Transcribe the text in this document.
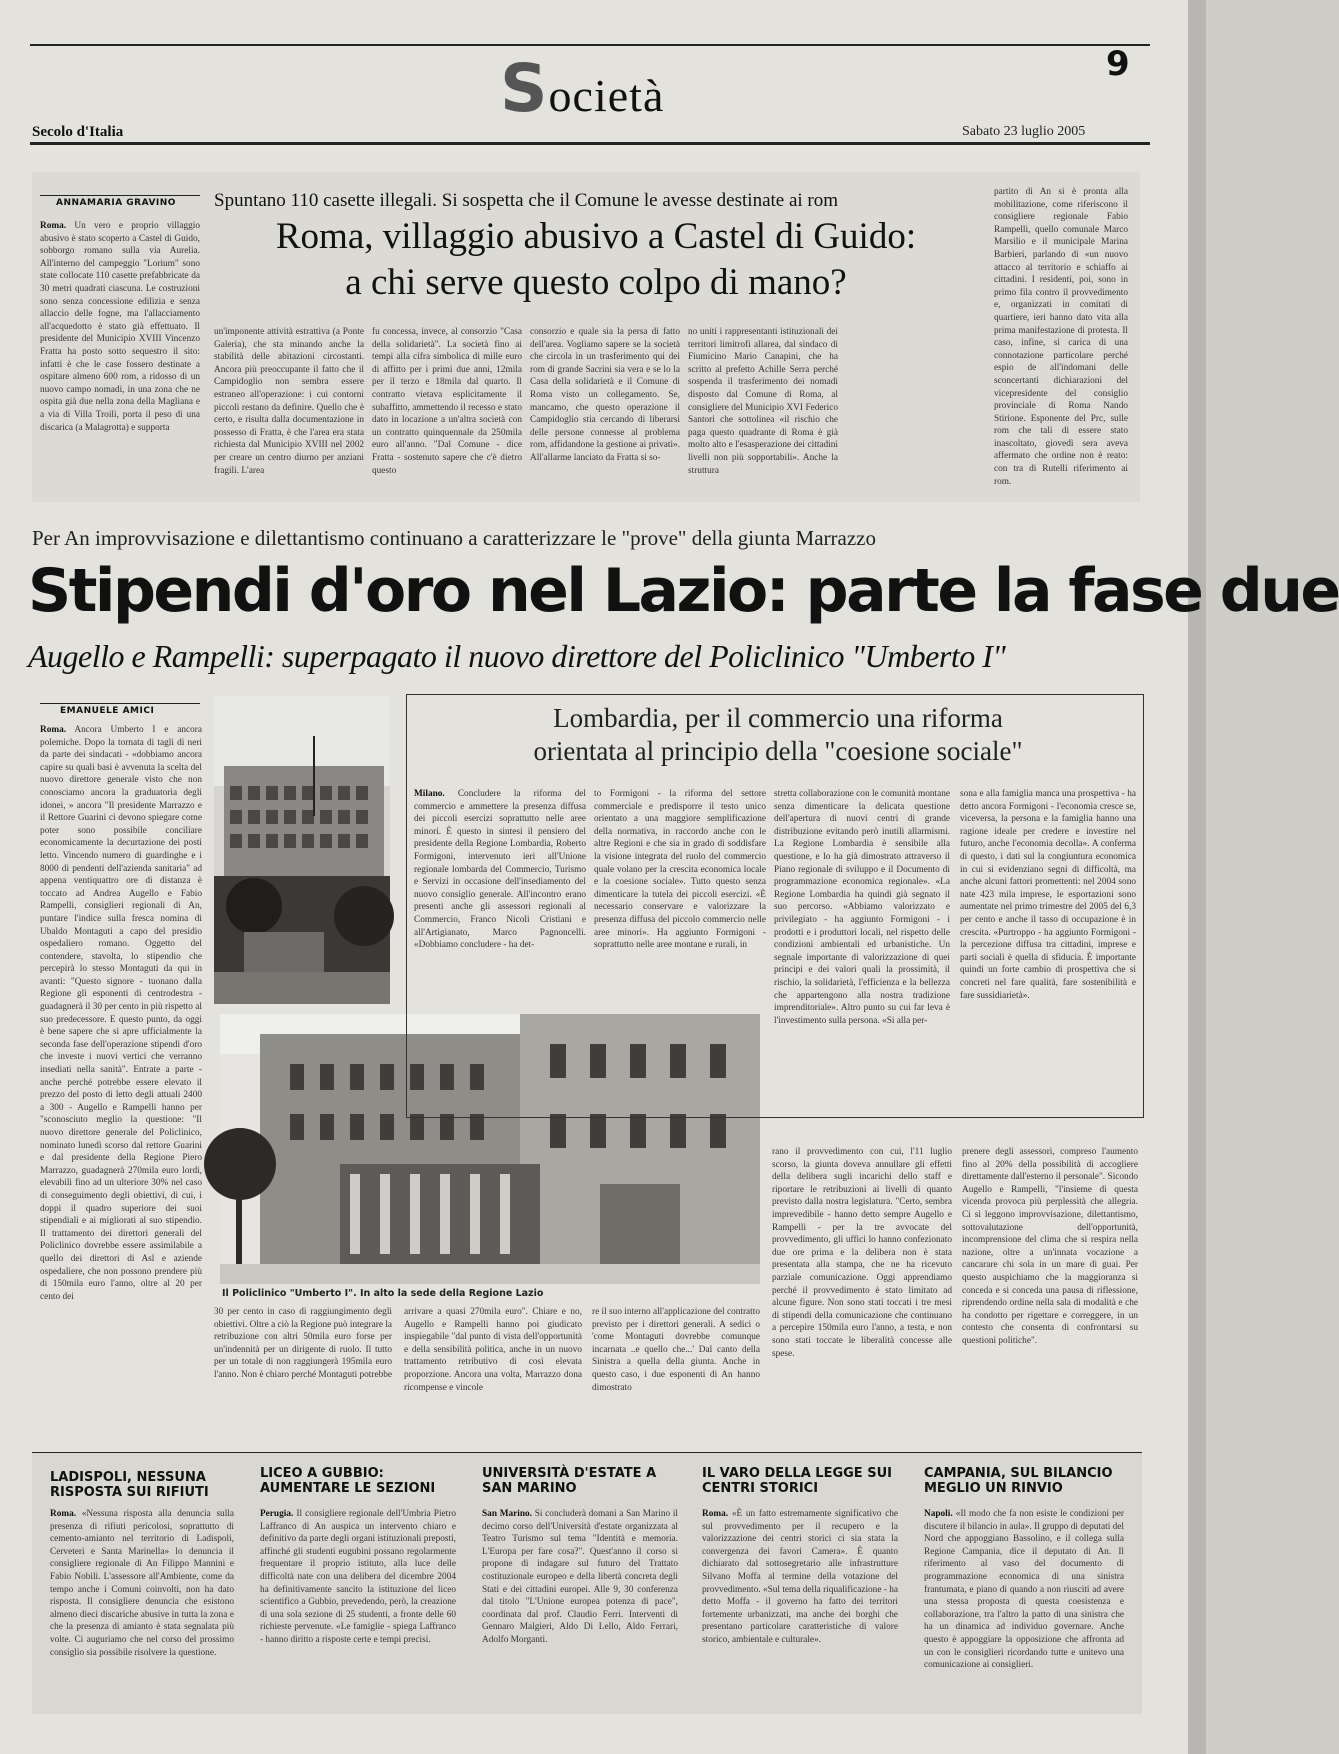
Società
9
Secolo d'Italia	Sabato 23 luglio 2005
ANNAMARIA GRAVINO Spuntano 110 casette illegali. Si sospetta che il Comune le avesse destinate ai rom
Roma, villaggio abusivo a Castel di Guido:
a chi serve questo colpo di mano?
Roma. Un vero e proprio villaggio abusivo è stato scoperto a Castel di Guido, sobborgo romano sulla via Aurelia. All'interno del campeggio "Lorium" sono state collocate 110 casette prefabbricate da 30 metri quadrati ciascuna. Le costruzioni sono senza concessione edilizia e senza allaccio delle fogne, ma l'allacciamento all'acquedotto è stato già effettuato. Il presidente del Municipio XVIII Vincenzo Fratta ha posto sotto sequestro il sito: infatti è che le case fossero destinate a ospitare almeno 600 rom, a ridosso di un nuovo campo nomadi, in una zona che ne ospita già due nella zona della Magliana e a via di Villa Troili, porta il peso di una discarica (a Malagrotta) e supporta
un'imponente attività estrattiva (a Ponte Galeria), che sta minando anche la stabilità delle abitazioni circostanti. Ancora più preoccupante il fatto che il Campidoglio non sembra essere estraneo all'operazione: i cui contorni piccoli restano da definire. Quello che è certo, e risulta dalla documentazione in possesso di Fratta, è che l'area era stata richiesta dal Municipio XVIII nel 2002 per creare un centro diurno per anziani fragili. L'area
fu concessa, invece, al consorzio "Casa della solidarietà". La società fino ai tempi alla cifra simbolica di mille euro di affitto per i primi due anni, 12mila per il terzo e 18mila dal quarto. Il contratto vietava esplicitamente il subaffitto, ammettendo il recesso e stato dato in locazione a un'altra società con un contratto quinquennale da 250mila euro all'anno. "Dal Comune - dice Fratta - sostenuto sapere che c'è dietro questo
consorzio e quale sia la persa di fatto dell'area. Vogliamo sapere se la società che circola in un trasferimento qui dei rom di grande Sacrini sia vera e se lo la Casa della solidarietà e il Comune di Roma visto un collegamento. Se, mancamo, che questo operazione il Campidoglio stia cercando di liberarsi delle persone connesse al problema rom, affidandone la gestione ai privati». All'allarme lanciato da Fratta si so-
no uniti i rappresentanti istituzionali dei territori limitrofi allarea, dal sindaco di Fiumicino Mario Canapini, che ha scritto al prefetto Achille Serra perché sospenda il trasferimento dei nomadi disposto dal Comune di Roma, al consigliere del Municipio XVI Federico Santori che sottolinea «il rischio che paga questo quadrante di Roma è già molto alto e l'esasperazione dei cittadini livelli non più sopportabili». Anche la struttura
partito di An si è pronta alla mobilitazione, come riferiscono il consigliere regionale Fabio Rampelli, quello comunale Marco Marsilio e il municipale Marina Barbieri, parlando di «un nuovo attacco al territorio e schiaffo ai cittadini. I residenti, poi, sono in primo fila contro il provvedimento e, organizzati in comitati di quartiere, ieri hanno dato vita alla prima manifestazione di protesta. Il caso, infine, si carica di una connotazione particolare perché espio de all'indomani delle sconcertanti dichiarazioni del vicepresidente del consiglio provinciale di Roma Nando Stirione. Esponente del Prc, sulle rom che tali di essere stato inascoltato, giovedì sera aveva affermato che ordine non è reato: con tra di Rutelli riferimento ai rom.
Per An improvvisazione e dilettantismo continuano a caratterizzare le "prove" della giunta Marrazzo
Stipendi d'oro nel Lazio: parte la fase due
Augello e Rampelli: superpagato il nuovo direttore del Policlinico "Umberto I"
EMANUELE AMICI
Roma. Ancora Umberto I e ancora polemiche. Dopo la tornata di tagli di neri da parte dei sindacati - «dobbiamo ancora capire su quali basi è avvenuta la scelta del nuovo direttore generale visto che non conosciamo ancora la graduatoria degli idonei, » ancora "Il presidente Marrazzo e il Rettore Guarini ci devono spiegare come poter sono possibile conciliare economicamente la decurtazione dei posti letto. Vincendo numero di guardinghe e i 8000 di pendenti dell'azienda sanitaria" ad appena ventiquattro ore di distanza è toccato ad Andrea Augello e Fabio Rampelli, consiglieri regionali di An, puntare l'indice sulla fresca nomina di Ubaldo Montaguti a capo del presidio ospedaliero romano. Oggetto del contendere, stavolta, lo stipendio che percepirà lo stesso Montaguti da qui in avanti: "Questo signore - tuonano dalla Regione gli esponenti di centrodestra - guadagnerà il 30 per cento in più rispetto al suo predecessore. E questo punto, da oggi è bene sapere che si apre ufficialmente la seconda fase dell'operazione stipendi d'oro che investe i nuovi vertici che verranno insediati nella sanità". Entrate a parte - anche perché potrebbe essere elevato il prezzo del posto di letto degli attuali 2400 a 300 - Augello e Rampelli hanno per "sconosciuto meglio la questione: "Il nuovo direttore generale del Policlinico, nominato lunedì scorso dal rettore Guarini e dal presidente della Regione Piero Marrazzo, guadagnerà 270mila euro lordi, elevabili fino ad un ulteriore 30% nel caso di conseguimento degli obiettivi, di cui, i doppi il quadro superiore dei suoi stipendiali e ai migliorati al suo stipendio. Il trattamento dei direttori generali del Policlinico dovrebbe essere assimilabile a quello dei direttori di Asl e aziende ospedaliere, che non possono prendere più di 150mila euro l'anno, oltre al 20 per cento dei	Il Policlinico "Umberto I". In alto la sede della Regione Lazio
Lombardia, per il commercio una riforma
orientata al principio della "coesione sociale"
Milano. Concludere la riforma del commercio e ammettere la presenza diffusa dei piccoli esercizi soprattutto nelle aree minori. È questo in sintesi il pensiero del presidente della Regione Lombardia, Roberto Formigoni, intervenuto ieri all'Unione regionale lombarda del Commercio, Turismo e Servizi in occasione dell'insediamento del nuovo consiglio generale. All'incontro erano presenti anche gli assessori regionali al Commercio, Franco Nicoli Cristiani e all'Artigianato, Marco Pagnoncelli. «Dobbiamo concludere - ha det-
to Formigoni - la riforma del settore commerciale e predisporre il testo unico orientato a una maggiore semplificazione della normativa, in raccordo anche con le altre Regioni e che sia in grado di soddisfare la visione integrata del ruolo del commercio quale volano per la crescita economica locale e la coesione sociale». Tutto questo senza dimenticare la tutela dei piccoli esercizi. «È necessario conservare e valorizzare la presenza diffusa del piccolo commercio nelle aree minori». Ha aggiunto Formigoni - soprattutto nelle aree montane e rurali, in
stretta collaborazione con le comunità montane senza dimenticare la delicata questione dell'apertura di nuovi centri di grande distribuzione evitando però inutili allarmismi. La Regione Lombardia è sensibile alla questione, e lo ha già dimostrato attraverso il Piano regionale di sviluppo e il Documento di programmazione economica regionale». «La Regione Lombardia ha quindi già segnato il suo percorso. «Abbiamo valorizzato e privilegiato - ha aggiunto Formigoni - i prodotti e i produttori locali, nel rispetto delle condizioni ambientali ed urbanistiche. Un segnale importante di valorizzazione di quei principi e dei valori quali la prossimità, il rischio, la solidarietà, l'efficienza e la bellezza che appartengono alla nostra tradizione imprenditoriale». Altro punto su cui far leva è l'investimento sulla persona. «Si alla per-
sona e alla famiglia manca una prospettiva - ha detto ancora Formigoni - l'economia cresce se, viceversa, la persona e la famiglia hanno una ragione ideale per credere e investire nel futuro, anche l'economia decolla». A conferma di questo, i dati sul la congiuntura economica in cui si evidenziano segni di difficoltà, ma anche alcuni fattori promettenti: nel 2004 sono nate 423 mila imprese, le esportazioni sono aumentate nel primo trimestre del 2005 del 6,3 per cento e anche il tasso di occupazione è in crescita. «Purtroppo - ha aggiunto Formigoni - la percezione diffusa tra cittadini, imprese e parti sociali è quella di sfiducia. È importante quindi un forte cambio di prospettiva che si concreti nel fare qualità, fare sostenibilità e fare sussidiarietà».
30 per cento in caso di raggiungimento degli obiettivi. Oltre a ciò la Regione può integrare la retribuzione con altri 50mila euro forse per un'indennità per un dirigente di ruolo. Il tutto per un totale di non raggiungerà 195mila euro l'anno. Non è chiaro perché Montaguti potrebbe
arrivare a quasi 270mila euro". Chiare e no, Augello e Rampelli hanno poi giudicato inspiegabile "dal punto di vista dell'opportunità e della sensibilità politica, anche in un nuovo trattamento retributivo di così elevata proporzione. Ancora una volta, Marrazzo dona ricompense e vincole
re il suo interno all'applicazione del contratto previsto per i direttori generali. A sedici o 'come Montaguti dovrebbe comunque incarnata ..e quello che...' Dal canto della Sinistra a quella della giunta. Anche in questo caso, i due esponenti di An hanno dimostrato
rano il provvedimento con cui, l'11 luglio scorso, la giunta doveva annullare gli effetti della delibera sugli incarichi dello staff e riportare le retribuzioni ai livelli di quanto previsto dalla nostra legislatura. "Certo, sembra imprevedibile - hanno detto sempre Augello e Rampelli - per la tre avvocate del provvedimento, gli uffici lo hanno confezionato due ore prima e la delibera non è stata presentata alla stampa, che ne ha ricevuto parziale comunicazione. Oggi apprendiamo perché il provvedimento è stato limitato ad alcune figure. Non sono stati toccati i tre mesi di stipendi della comunicazione che continuano a percepire 150mila euro l'anno, a testa, e non sono stati toccate le liberalità concesse alle spese.
prenere degli assessori, compreso l'aumento fino al 20% della possibilità di accogliere direttamente dall'esterno il personale". Sicondo Augello e Rampelli, "l'insieme di questa vicenda provoca più perplessità che allegria. Ci si leggono improvvisazione, dilettantismo, sottovalutazione dell'opportunità, incomprensione del clima che si respira nella nazione, oltre a un'innata vocazione a cancarare chi sola in un mare di guai. Per questo auspichiamo che la maggioranza si conceda e si conceda una pausa di riflessione, riprendendo ordine nella sala di modalità e che ha condotto per rigettare e correggere, in un contesto che consenta di confrontarsi su questioni politiche".
LADISPOLI, NESSUNA RISPOSTA SUI RIFIUTI
Roma. «Nessuna risposta alla denuncia sulla presenza di rifiuti pericolosi, soprattutto di cemento-amianto nel territorio di Ladispoli, Cerveteri e Santa Marinella» lo denuncia il consigliere regionale di An Filippo Mannini e Fabio Nobili. L'assessore all'Ambiente, come da tempo anche i Comuni coinvolti, non ha dato risposta. Il consigliere denuncia che esistono almeno dieci discariche abusive in tutta la zona e che la presenza di amianto è stata segnalata più volte. Ci auguriamo che nel corso del prossimo consiglio sia possibile risolvere la questione.
LICEO A GUBBIO: AUMENTARE LE SEZIONI
Perugia. Il consigliere regionale dell'Umbria Pietro Laffranco di An auspica un intervento chiaro e definitivo da parte degli organi istituzionali preposti, affinché gli studenti eugubini possano regolarmente frequentare il proprio istituto, alla luce delle difficoltà nate con una delibera del dicembre 2004 ha definitivamente sancito la istituzione del liceo scientifico a Gubbio, prevedendo, però, la creazione di una sola sezione di 25 studenti, a fronte delle 60 richieste pervenute. «Le famiglie - spiega Laffranco - hanno diritto a risposte certe e tempi precisi.
UNIVERSITÀ D'ESTATE A SAN MARINO
San Marino. Si concluderà domani a San Marino il decimo corso dell'Università d'estate organizzata al Teatro Turismo sul tema "Identità e memoria. L'Europa per fare cosa?". Quest'anno il corso si propone di indagare sul futuro del Trattato costituzionale europeo e della libertà concreta degli Stati e dei cittadini europei. Alle 9, 30 conferenza dal titolo "L'Unione europea potenza di pace", coordinata dal prof. Claudio Ferri. Interventi di Gennaro Malgieri, Aldo Di Lello, Aldo Ferrari, Adolfo Morganti.
IL VARO DELLA LEGGE SUI CENTRI STORICI
Roma. «È un fatto estremamente significativo che sul provvedimento per il recupero e la valorizzazione dei centri storici ci sia stata la convergenza dei favori Camera». È quanto dichiarato dal sottosegretario alle infrastrutture Silvano Moffa al termine della votazione del provvedimento. «Sul tema della riqualificazione - ha detto Moffa - il governo ha fatto dei territori fortemente urbanizzati, ma anche dei borghi che presentano particolare caratteristiche di valore storico, ambientale e culturale».
CAMPANIA, SUL BILANCIO MEGLIO UN RINVIO
Napoli. «Il modo che fa non esiste le condizioni per discutere il bilancio in aula». Il gruppo di deputati del Nord che appoggiano Bassolino, e il collega sulla Regione Campania, dice il deputato di An. Il riferimento al vaso del documento di programmazione economica di una sinistra frantumata, e piano di quando a non riusciti ad avere una stessa proposta di questa coesistenza e collaborazione, tra l'altro la patto di una sinistra che ha un dinamica ad individuo governare. Anche questo è appoggiare la opposizione che affronta ad un con le consiglieri ricordando tutte e unitevo una comunicazione ai consiglieri.
